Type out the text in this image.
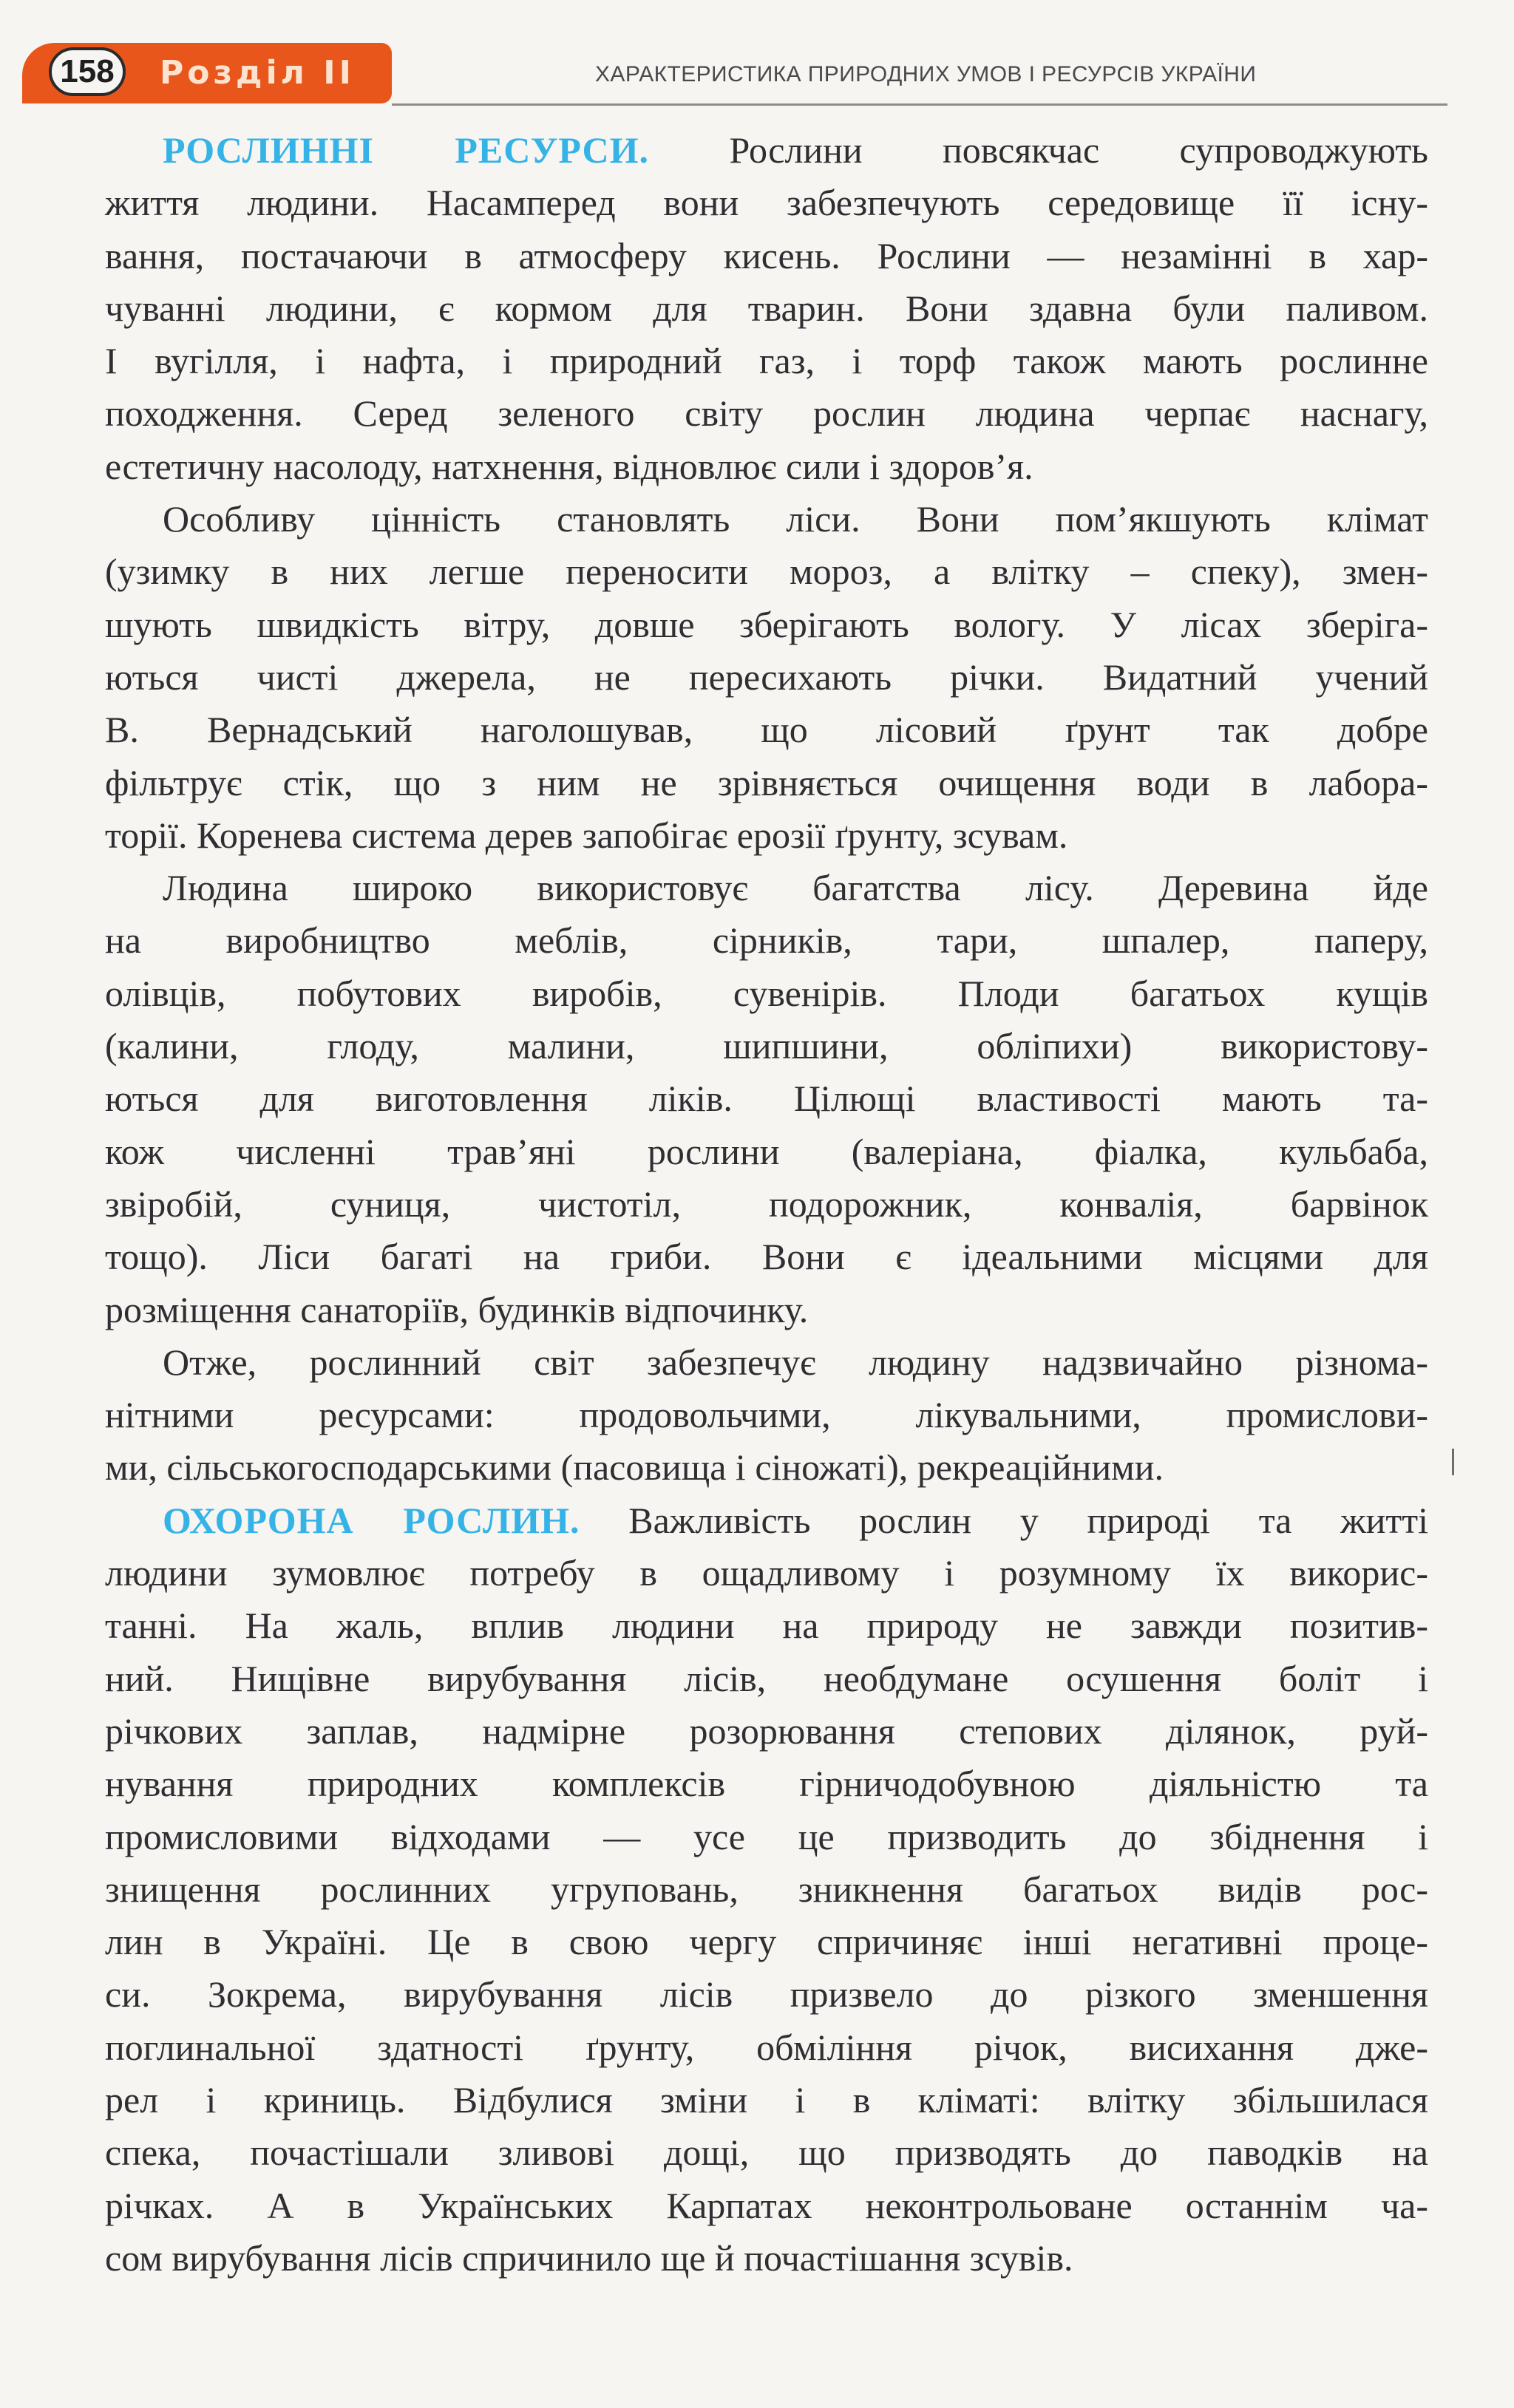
158	Розділ ІІ	ХАРАКТЕРИСТИКА ПРИРОДНИХ УМОВ І РЕСУРСІВ УКРАЇНИ
РОСЛИННІ РЕСУРСИ. Рослини повсякчас супроводжують
життя людини. Насамперед вони забезпечують середовище її існу-
вання, постачаючи в атмосферу кисень. Рослини — незамінні в хар-
чуванні людини, є кормом для тварин. Вони здавна були паливом.
І вугілля, і нафта, і природний газ, і торф також мають рослинне
походження. Серед зеленого світу рослин людина черпає наснагу,
естетичну насолоду, натхнення, відновлює сили і здоров’я.
Особливу цінність становлять ліси. Вони пом’якшують клімат
(узимку в них легше переносити мороз, а влітку – спеку), змен-
шують швидкість вітру, довше зберігають вологу. У лісах зберіга-
ються чисті джерела, не пересихають річки. Видатний учений
В. Вернадський наголошував, що лісовий ґрунт так добре
фільтрує стік, що з ним не зрівняється очищення води в лабора-
торії. Коренева система дерев запобігає ерозії ґрунту, зсувам.
Людина широко використовує багатства лісу. Деревина йде
на виробництво меблів, сірників, тари, шпалер, паперу,
олівців, побутових виробів, сувенірів. Плоди багатьох кущів
(калини, глоду, малини, шипшини, обліпихи) використову-
ються для виготовлення ліків. Цілющі властивості мають та-
кож численні трав’яні рослини (валеріана, фіалка, кульбаба,
звіробій, суниця, чистотіл, подорожник, конвалія, барвінок
тощо). Ліси багаті на гриби. Вони є ідеальними місцями для
розміщення санаторіїв, будинків відпочинку.
Отже, рослинний світ забезпечує людину надзвичайно різнома-
нітними ресурсами: продовольчими, лікувальними, промислови-
ми, сільськогосподарськими (пасовища і сіножаті), рекреаційними.
ОХОРОНА РОСЛИН. Важливість рослин у природі та житті
людини зумовлює потребу в ощадливому і розумному їх викорис-
танні. На жаль, вплив людини на природу не завжди позитив-
ний. Нищівне вирубування лісів, необдумане осушення боліт і
річкових заплав, надмірне розорювання степових ділянок, руй-
нування природних комплексів гірничодобувною діяльністю та
промисловими відходами — усе це призводить до збіднення і
знищення рослинних угруповань, зникнення багатьох видів рос-
лин в Україні. Це в свою чергу спричиняє інші негативні проце-
си. Зокрема, вирубування лісів призвело до різкого зменшення
поглинальної здатності ґрунту, обміління річок, висихання дже-
рел і криниць. Відбулися зміни і в кліматі: влітку збільшилася
спека, почастішали зливові дощі, що призводять до паводків на
річках. А в Українських Карпатах неконтрольоване останнім ча-
сом вирубування лісів спричинило ще й почастішання зсувів.
